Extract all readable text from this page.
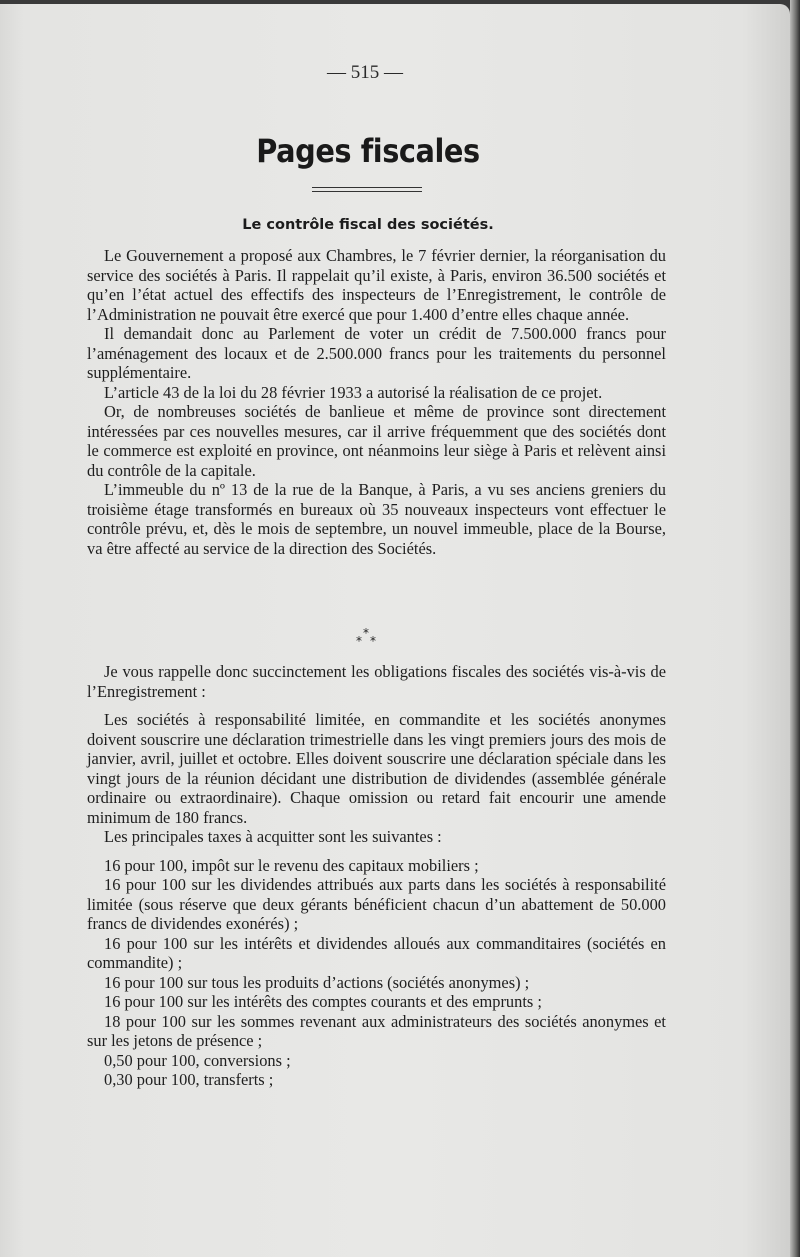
— 515 —
Pages fiscales
Le contrôle fiscal des sociétés.

Le Gouvernement a proposé aux Chambres, le 7 février dernier, la réorganisation du service des sociétés à Paris. Il rappelait qu’il existe, à Paris, environ 36.500 sociétés et qu’en l’état actuel des effectifs des inspecteurs de l’Enregistrement, le contrôle de l’Administration ne pouvait être exercé que pour 1.400 d’entre elles chaque année.

Il demandait donc au Parlement de voter un crédit de 7.500.000 francs pour l’aménagement des locaux et de 2.500.000 francs pour les traitements du personnel supplémentaire.

L’article 43 de la loi du 28 février 1933 a autorisé la réalisation de ce projet.

Or, de nombreuses sociétés de banlieue et même de province sont directement intéressées par ces nouvelles mesures, car il arrive fréquemment que des sociétés dont le commerce est exploité en province, ont néanmoins leur siège à Paris et relèvent ainsi du contrôle de la capitale.

L’immeuble du nº 13 de la rue de la Banque, à Paris, a vu ses anciens greniers du troisième étage transformés en bureaux où 35 nouveaux inspecteurs vont effectuer le contrôle prévu, et, dès le mois de septembre, un nouvel immeuble, place de la Bourse, va être affecté au service de la direction des Sociétés.

*
* *

Je vous rappelle donc succinctement les obligations fiscales des sociétés vis-à-vis de l’Enregistrement :

Les sociétés à responsabilité limitée, en commandite et les sociétés anonymes doivent souscrire une déclaration trimestrielle dans les vingt premiers jours des mois de janvier, avril, juillet et octobre. Elles doivent souscrire une déclaration spéciale dans les vingt jours de la réunion décidant une distribution de dividendes (assemblée générale ordinaire ou extraordinaire). Chaque omission ou retard fait encourir une amende minimum de 180 francs.

Les principales taxes à acquitter sont les suivantes :

16 pour 100, impôt sur le revenu des capitaux mobiliers ;

16 pour 100 sur les dividendes attribués aux parts dans les sociétés à responsabilité limitée (sous réserve que deux gérants bénéficient chacun d’un abattement de 50.000 francs de dividendes exonérés) ;

16 pour 100 sur les intérêts et dividendes alloués aux commanditaires (sociétés en commandite) ;

16 pour 100 sur tous les produits d’actions (sociétés anonymes) ;

16 pour 100 sur les intérêts des comptes courants et des emprunts ;

18 pour 100 sur les sommes revenant aux administrateurs des sociétés anonymes et sur les jetons de présence ;

0,50 pour 100, conversions ;

0,30 pour 100, transferts ;
